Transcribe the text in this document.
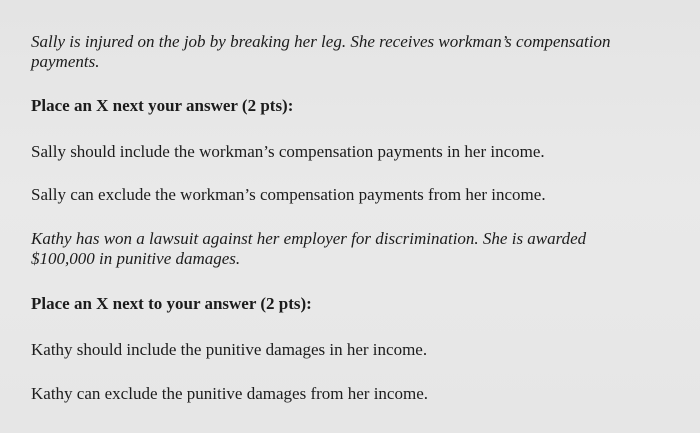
Sally is injured on the job by breaking her leg. She receives workman’s compensation
payments.
Place an X next your answer (2 pts):
Sally should include the workman’s compensation payments in her income.
Sally can exclude the workman’s compensation payments from her income.
Kathy has won a lawsuit against her employer for discrimination. She is awarded
$100,000 in punitive damages.
Place an X next to your answer (2 pts):
Kathy should include the punitive damages in her income.
Kathy can exclude the punitive damages from her income.
